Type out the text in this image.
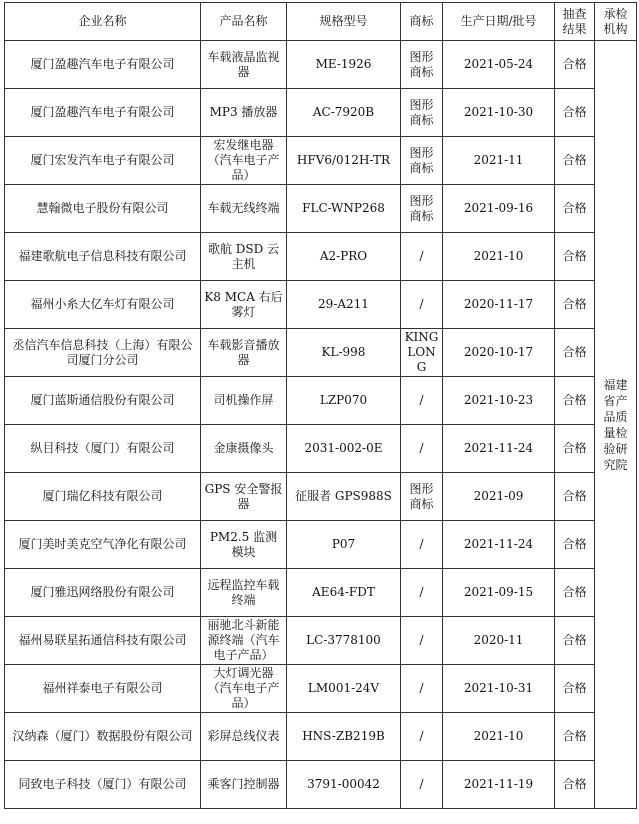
企业名称	产品名称	规格型号	商标	生产日期/批号	抽查结果	承检机构
厦门盈趣汽车电子有限公司	车载液晶监视器	ME-1926	图形商标	2021-05-24	合格	福建省产品质量检验研究院

厦门盈趣汽车电子有限公司	MP3 播放器	AC-7920B	图形商标	2021-10-30	合格	
厦门宏发汽车电子有限公司	宏发继电器（汽车电子产品）	HFV6/012H-TR	图形商标	2021-11	合格	
慧翰微电子股份有限公司	车载无线终端	FLC-WNP268	图形商标	2021-09-16	合格	
福建歌航电子信息科技有限公司	歌航 DSD 云主机	A2-PRO	/	2021-10	合格	
福州小糸大亿车灯有限公司	K8 MCA 右后雾灯	29-A211	/	2020-11-17	合格	
丞信汽车信息科技（上海）有限公司厦门分公司	车载影音播放器	KL-998	KING LONG	2020-10-17	合格	
厦门蓝斯通信股份有限公司	司机操作屏	LZP070	/	2021-10-23	合格	
纵目科技（厦门）有限公司	金康摄像头	2031-002-0E	/	2021-11-24	合格	
厦门瑞亿科技有限公司	GPS 安全警报器	征服者 GPS988S	图形商标	2021-09	合格	
厦门美时美克空气净化有限公司	PM2.5 监测模块	P07	/	2021-11-24	合格	
厦门雅迅网络股份有限公司	远程监控车载终端	AE64-FDT	/	2021-09-15	合格	
福州易联星拓通信科技有限公司	丽驰北斗新能源终端（汽车电子产品）	LC-3778100	/	2020-11	合格	
福州祥泰电子有限公司	大灯调光器（汽车电子产品）	LM001-24V	/	2021-10-31	合格	
汉纳森（厦门）数据股份有限公司	彩屏总线仪表	HNS-ZB219B	/	2021-10	合格	
同致电子科技（厦门）有限公司	乘客门控制器	3791-00042	/	2021-11-19	合格	
